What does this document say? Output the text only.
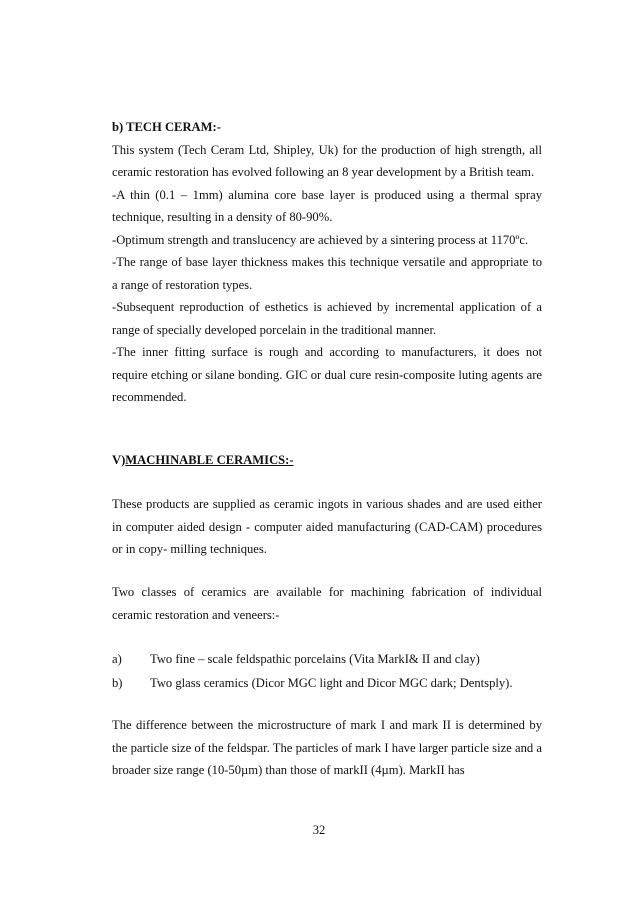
b) TECH CERAM:-

This system (Tech Ceram Ltd, Shipley, Uk) for the production of high strength, all ceramic restoration has evolved following an 8 year development by a British team.

-A thin (0.1 – 1mm) alumina core base layer is produced using a thermal spray technique, resulting in a density of 80-90%.

-Optimum strength and translucency are achieved by a sintering process at 1170ºc.

-The range of base layer thickness makes this technique versatile and appropriate to a range of restoration types.

-Subsequent reproduction of esthetics is achieved by incremental application of a range of specially developed porcelain in the traditional manner.

-The inner fitting surface is rough and according to manufacturers, it does not require etching or silane bonding. GIC or dual cure resin-composite luting agents are recommended.

V)MACHINABLE CERAMICS:-

These products are supplied as ceramic ingots in various shades and are used either in computer aided design - computer aided manufacturing (CAD-CAM) procedures or in copy- milling techniques.

Two classes of ceramics are available for machining fabrication of individual ceramic restoration and veneers:-

a) Two fine – scale feldspathic porcelains (Vita MarkI& II and clay)
b) Two glass ceramics (Dicor MGC light and Dicor MGC dark; Dentsply).

The difference between the microstructure of mark I and mark II is determined by the particle size of the feldspar. The particles of mark I have larger particle size and a broader size range (10-50µm) than those of markII (4µm). MarkII has

32
